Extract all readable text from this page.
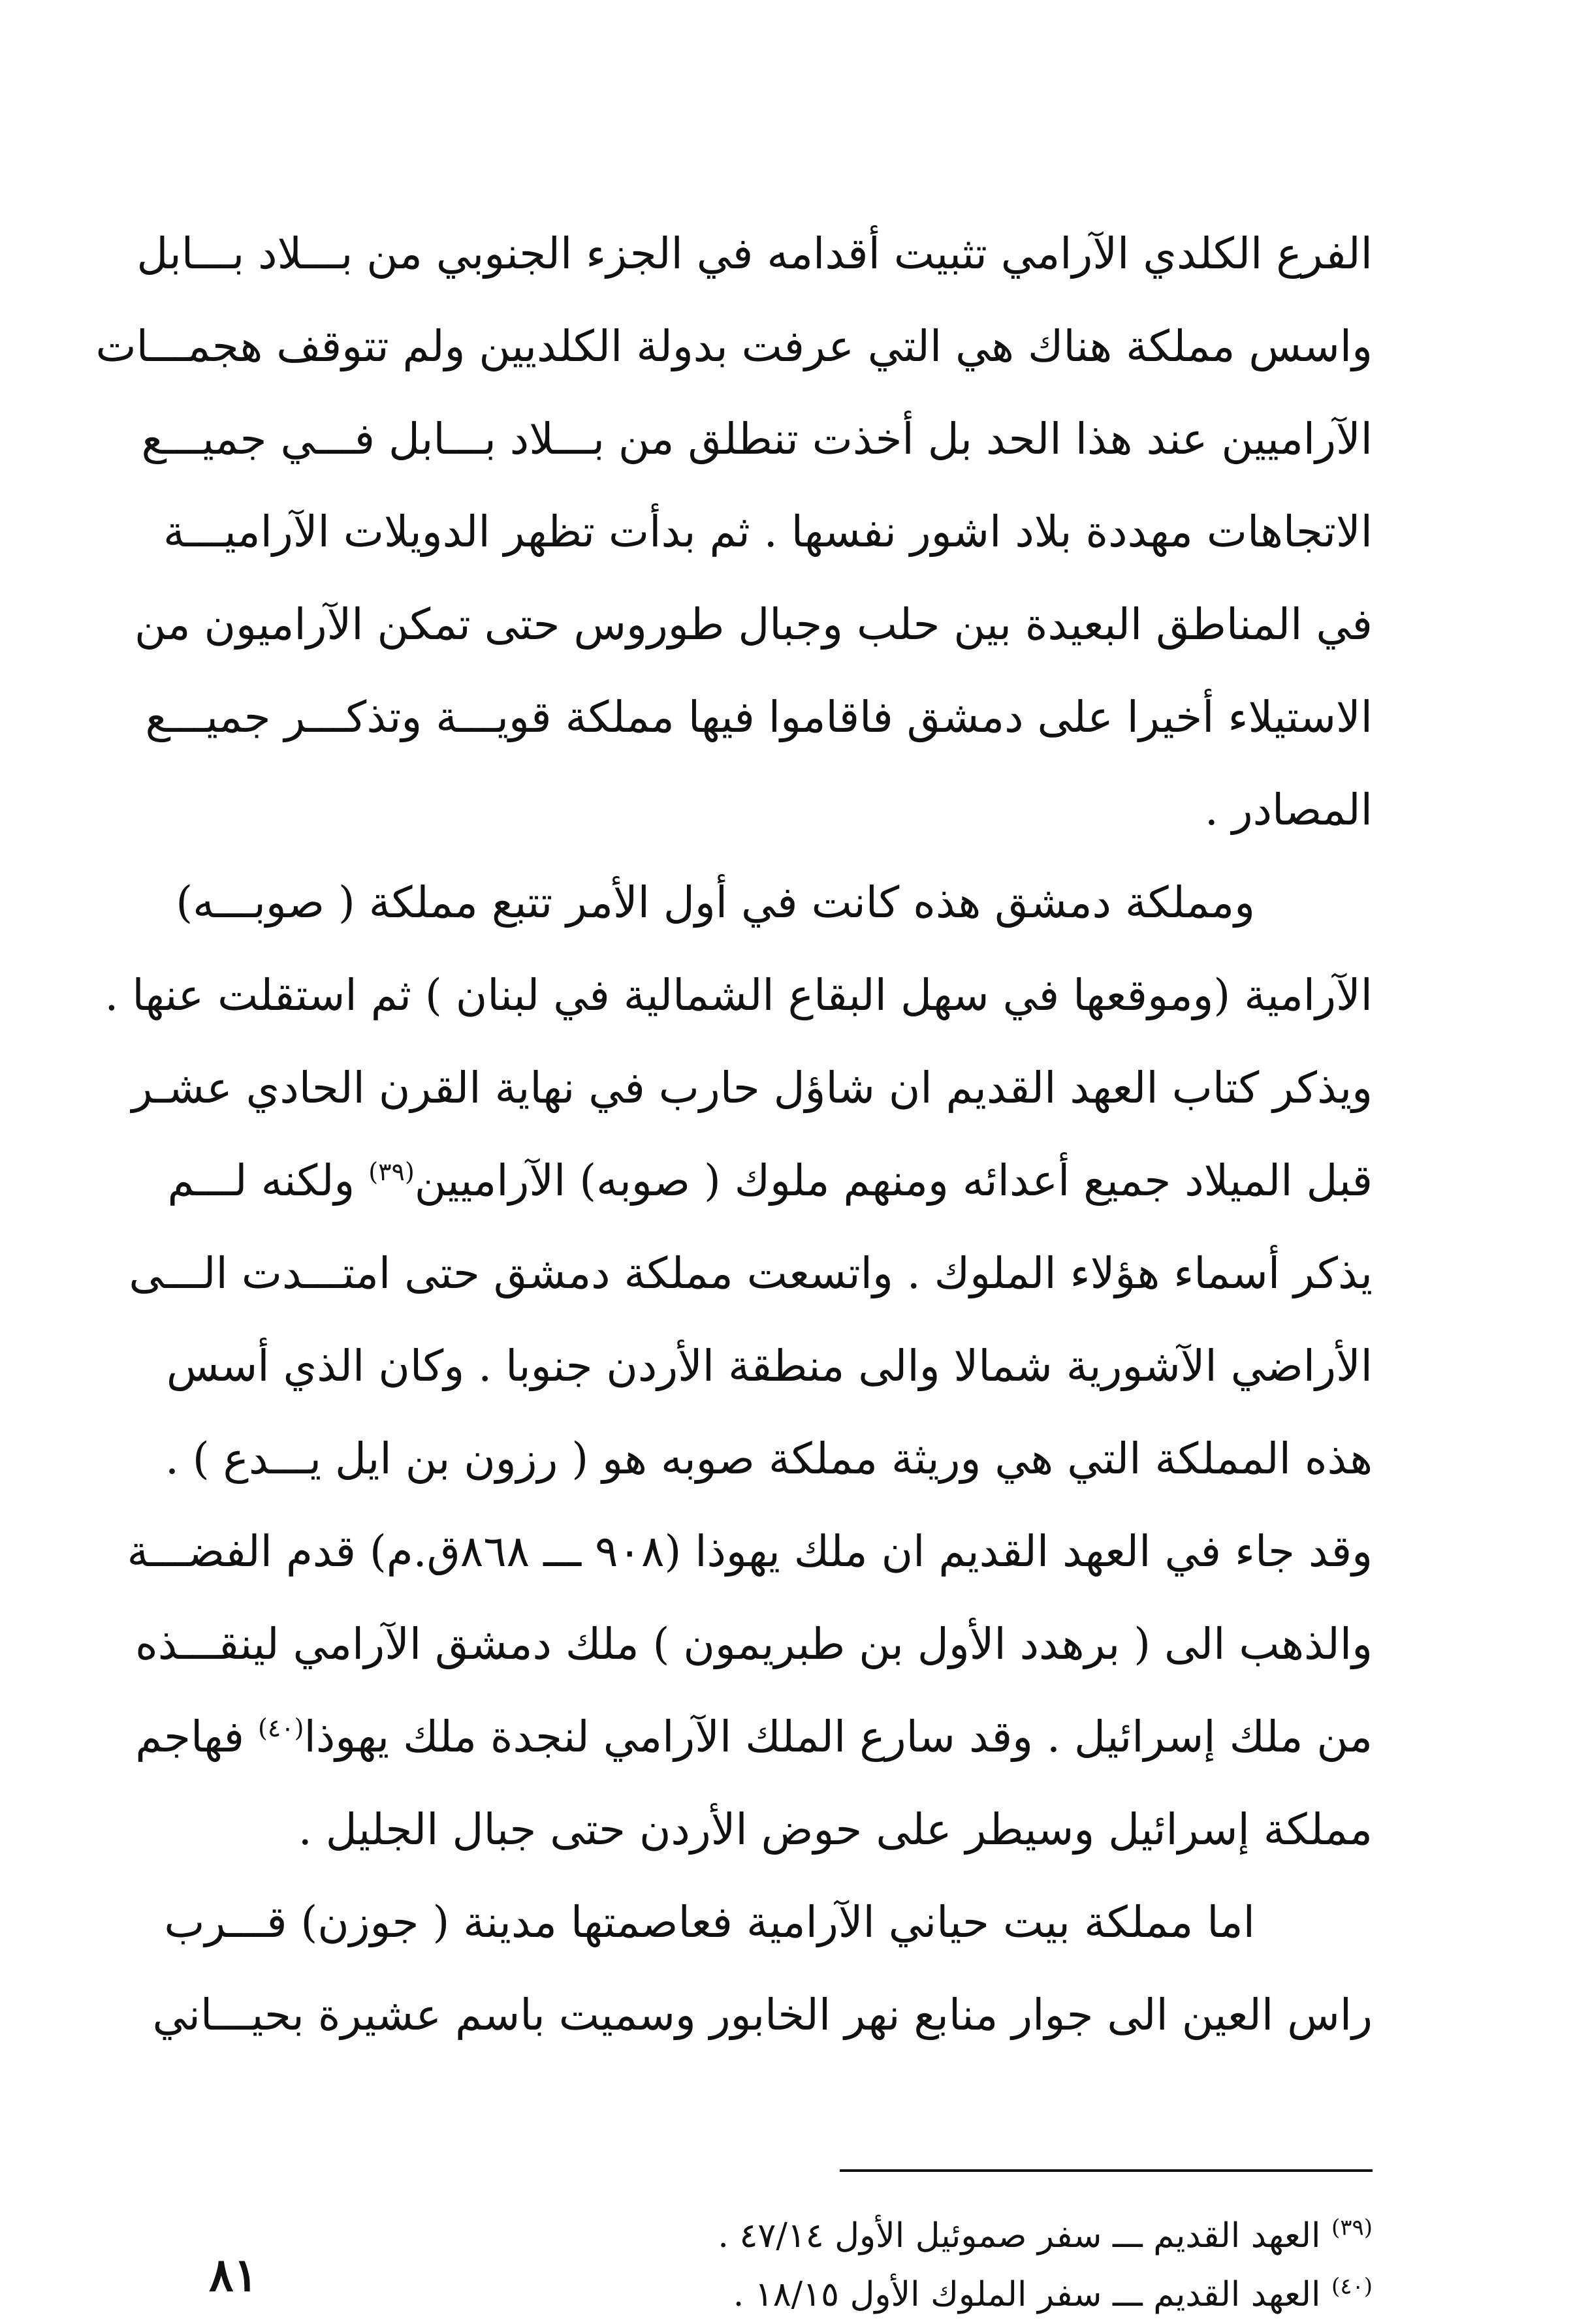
الفرع الكلدي الآرامي تثبيت أقدامه في الجزء الجنوبي من بـــلاد بـــابل
واسس مملكة هناك هي التي عرفت بدولة الكلديين ولم تتوقف هجمـــات
الآراميين عند هذا الحد بل أخذت تنطلق من بـــلاد بـــابل فـــي جميـــع
الاتجاهات مهددة بلاد اشور نفسها . ثم بدأت تظهر الدويلات الآراميـــة
في المناطق البعيدة بين حلب وجبال طوروس حتى تمكن الآراميون من
الاستيلاء أخيرا على دمشق فاقاموا فيها مملكة قويـــة وتذكـــر جميـــع
المصادر .
ومملكة دمشق هذه كانت في أول الأمر تتبع مملكة ( صوبـــه)
الآرامية (وموقعها في سهل البقاع الشمالية في لبنان ) ثم استقلت عنها .
ويذكر كتاب العهد القديم ان شاؤل حارب في نهاية القرن الحادي عشـر
قبل الميلاد جميع أعدائه ومنهم ملوك ( صوبه) الآراميين$^{(٣٩)}$ ولكنه لـــم
يذكر أسماء هؤلاء الملوك . واتسعت مملكة دمشق حتى امتـــدت الـــى
الأراضي الآشورية شمالا والى منطقة الأردن جنوبا . وكان الذي أسس
هذه المملكة التي هي وريثة مملكة صوبه هو ( رزون بن ايل يـــدع ) .
وقد جاء في العهد القديم ان ملك يهوذا (٩٠٨ ـــ ٨٦٨ق.م) قدم الفضـــة
والذهب الى ( برهدد الأول بن طبريمون ) ملك دمشق الآرامي لينقـــذه
من ملك إسرائيل . وقد سارع الملك الآرامي لنجدة ملك يهوذا$^{(٤٠)}$ فهاجم
مملكة إسرائيل وسيطر على حوض الأردن حتى جبال الجليل .
اما مملكة بيت حياني الآرامية فعاصمتها مدينة ( جوزن) قـــرب
راس العين الى جوار منابع نهر الخابور وسميت باسم عشيرة بحيـــاني
$^{(٣٩)}$ العهد القديم ـــ سفر صموئيل الأول ٤٧/١٤ .
$^{(٤٠)}$ العهد القديم ـــ سفر الملوك الأول ١٨/١٥ .
٨١
